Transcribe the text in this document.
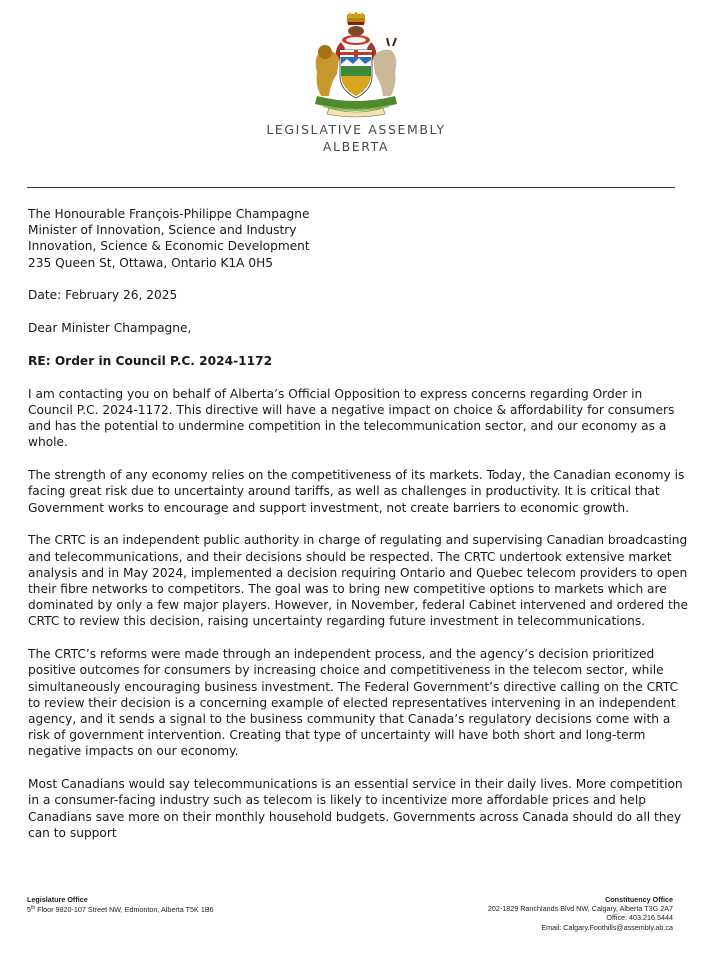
LEGISLATIVE ASSEMBLY
ALBERTA

The Honourable François-Philippe Champagne
Minister of Innovation, Science and Industry
Innovation, Science & Economic Development
235 Queen St, Ottawa, Ontario K1A 0H5

Date: February 26, 2025

Dear Minister Champagne,

RE: Order in Council P.C. 2024-1172

I am contacting you on behalf of Alberta’s Official Opposition to express concerns regarding Order in Council P.C. 2024-1172. This directive will have a negative impact on choice & affordability for consumers and has the potential to undermine competition in the telecommunication sector, and our economy as a whole.

The strength of any economy relies on the competitiveness of its markets. Today, the Canadian economy is facing great risk due to uncertainty around tariffs, as well as challenges in productivity. It is critical that Government works to encourage and support investment, not create barriers to economic growth.

The CRTC is an independent public authority in charge of regulating and supervising Canadian broadcasting and telecommunications, and their decisions should be respected. The CRTC undertook extensive market analysis and in May 2024, implemented a decision requiring Ontario and Quebec telecom providers to open their fibre networks to competitors. The goal was to bring new competitive options to markets which are dominated by only a few major players. However, in November, federal Cabinet intervened and ordered the CRTC to review this decision, raising uncertainty regarding future investment in telecommunications.

The CRTC’s reforms were made through an independent process, and the agency’s decision prioritized positive outcomes for consumers by increasing choice and competitiveness in the telecom sector, while simultaneously encouraging business investment. The Federal Government’s directive calling on the CRTC to review their decision is a concerning example of elected representatives intervening in an independent agency, and it sends a signal to the business community that Canada’s regulatory decisions come with a risk of government intervention. Creating that type of uncertainty will have both short and long-term negative impacts on our economy.

Most Canadians would say telecommunications is an essential service in their daily lives. More competition in a consumer-facing industry such as telecom is likely to incentivize more affordable prices and help Canadians save more on their monthly household budgets. Governments across Canada should do all they can to support

Legislature Office
5th Floor 9820-107 Street NW, Edmonton, Alberta T5K 1B6
Constituency Office
202-1829 Ranchlands Blvd NW, Calgary, Alberta T3G 2A7
Office: 403.216.5444
Email: Calgary.Foothills@assembly.ab.ca
